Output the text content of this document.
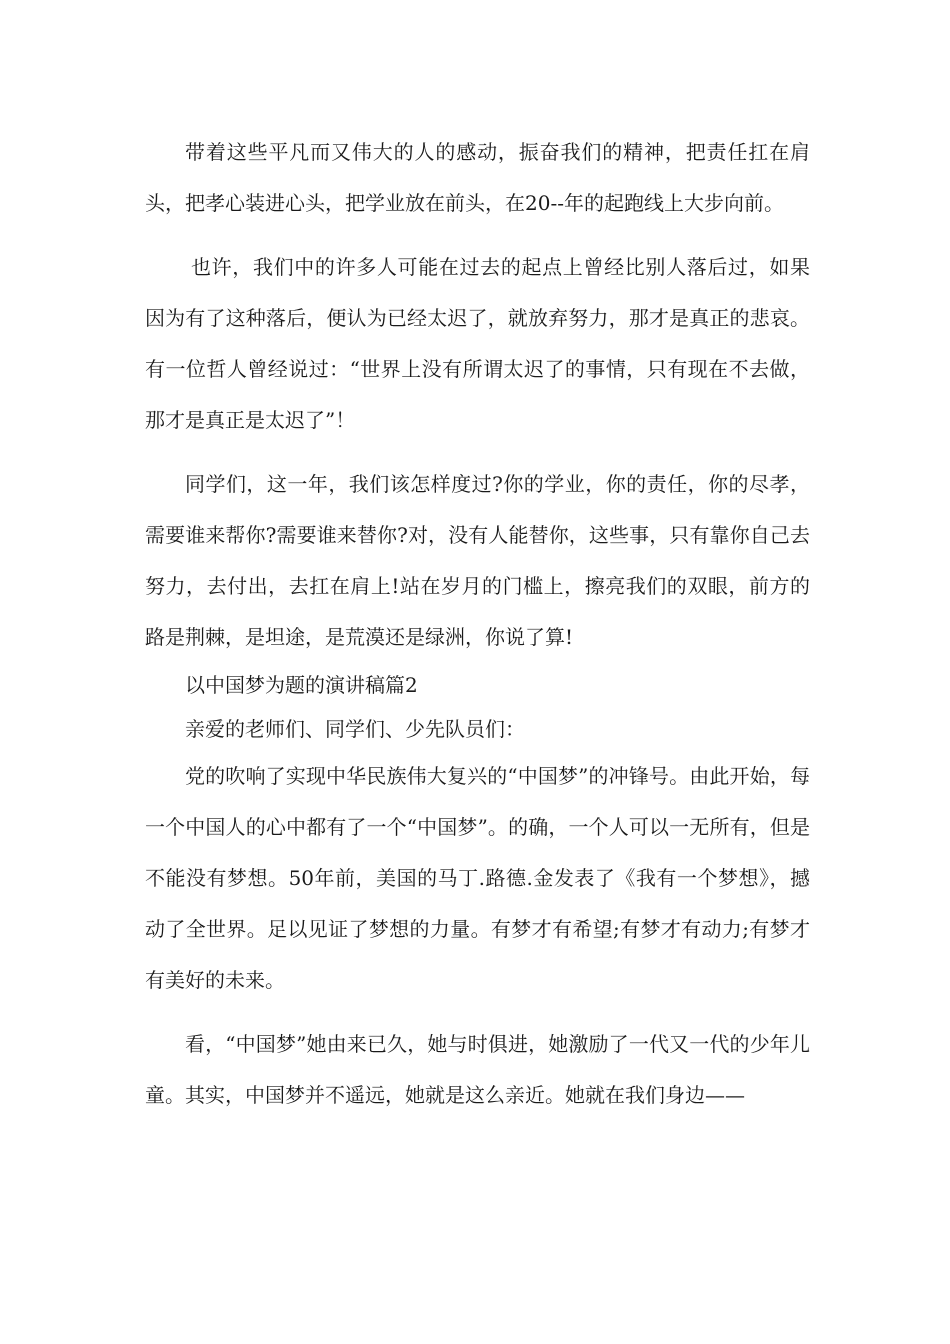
带着这些平凡而又伟大的人的感动，振奋我们的精神，把责任扛在肩头，把孝心装进心头，把学业放在前头，在20--年的起跑线上大步向前。

也许，我们中的许多人可能在过去的起点上曾经比别人落后过，如果因为有了这种落后，便认为已经太迟了，就放弃努力，那才是真正的悲哀。有一位哲人曾经说过：“世界上没有所谓太迟了的事情，只有现在不去做，那才是真正是太迟了”！

同学们，这一年，我们该怎样度过?你的学业，你的责任，你的尽孝，需要谁来帮你?需要谁来替你?对，没有人能替你，这些事，只有靠你自己去努力，去付出，去扛在肩上!站在岁月的门槛上，擦亮我们的双眼，前方的路是荆棘，是坦途，是荒漠还是绿洲，你说了算!

以中国梦为题的演讲稿篇2

亲爱的老师们、同学们、少先队员们：

党的吹响了实现中华民族伟大复兴的“中国梦”的冲锋号。由此开始，每一个中国人的心中都有了一个“中国梦”。的确，一个人可以一无所有，但是不能没有梦想。50年前，美国的马丁.路德.金发表了《我有一个梦想》，撼动了全世界。足以见证了梦想的力量。有梦才有希望;有梦才有动力;有梦才有美好的未来。

看，“中国梦”她由来已久，她与时俱进，她激励了一代又一代的少年儿童。其实，中国梦并不遥远，她就是这么亲近。她就在我们身边——
